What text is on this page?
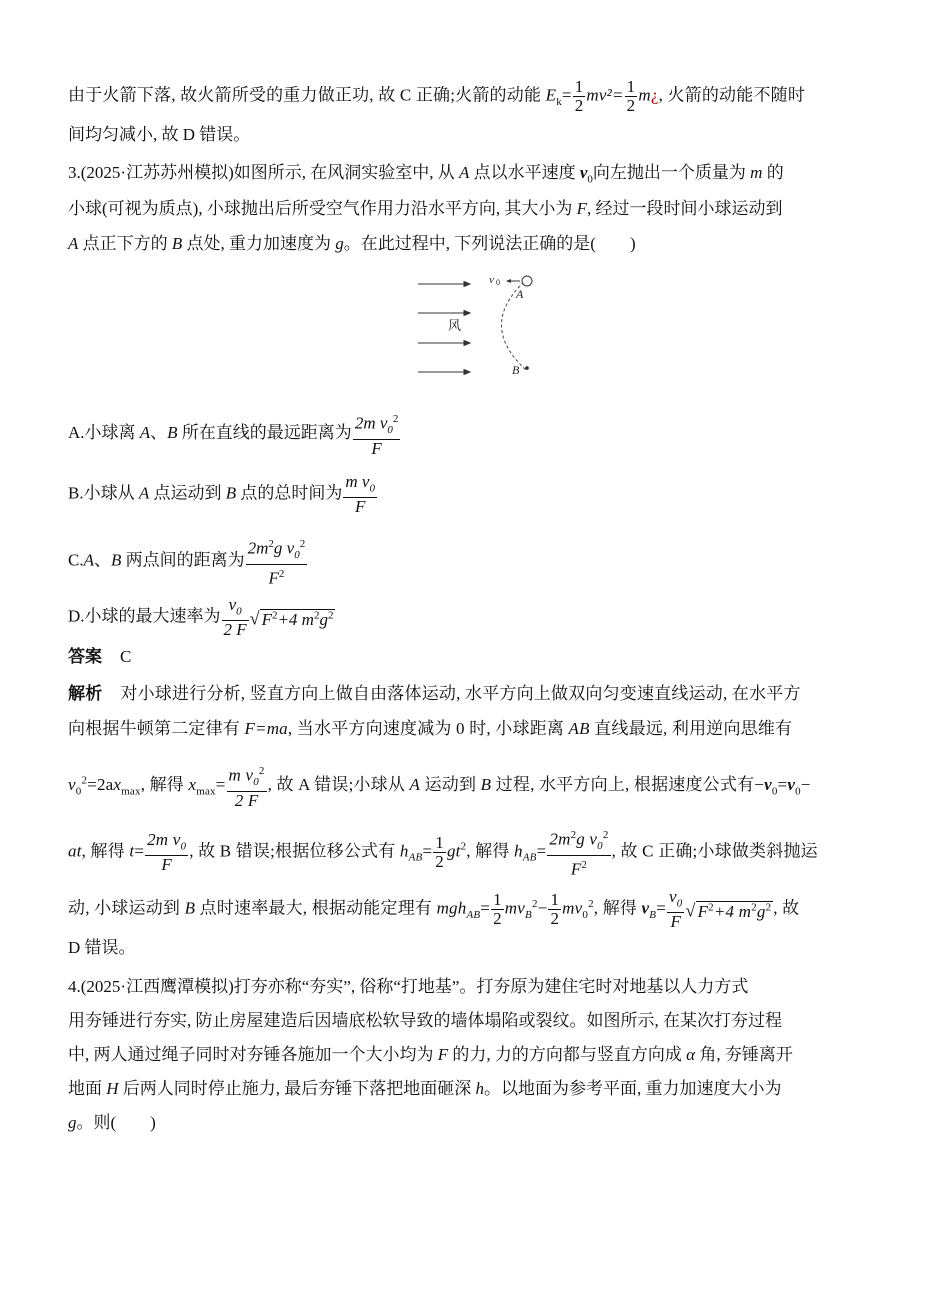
由于火箭下落, 故火箭所受的重力做正功, 故 C 正确;火箭的动能 $E_k= \frac{1}{2} mv^2= \frac{1}{2}$ m¿, 火箭的动能不随时
间均匀减小, 故 D 错误。
3.(2025·江苏苏州模拟)如图所示, 在风洞实验室中, 从 A 点以水平速度 $v_0$向左抛出一个质量为 m 的
小球(可视为质点), 小球抛出后所受空气作用力沿水平方向, 其大小为 F, 经过一段时间小球运动到
A 点正下方的 B 点处, 重力加速度为 g。在此过程中, 下列说法正确的是(　　)
风
v 0
A
B
A.小球离 A、B 所在直线的最远距离为 $\frac{2m v_0^2}{F}$
B.小球从 A 点运动到 B 点的总时间为 $\frac{m v_0}{F}$
C.A、B 两点间的距离为 $\frac{2m^2g v_0^2}{F^2}$
D.小球的最大速率为 $\frac{v_0}{2 F}$ √ $F^2+4$ $m^2g^2$
答案 C
解析 对小球进行分析, 竖直方向上做自由落体运动, 水平方向上做双向匀变速直线运动, 在水平方
向根据牛顿第二定律有 F=ma, 当水平方向速度减为 0 时, 小球距离 AB 直线最远, 利用逆向思维有
$v_0^2=2ax_{max}$, 解得 $x_{max}= \frac{m v_0^2}{2 F}$ , 故 A 错误;小球从 A 运动到 B 过程, 水平方向上, 根据速度公式有$-v_0=v_0-$
at, 解得 $t= \frac{2m v_0}{F}$ , 故 B 错误;根据位移公式有 $h_{AB}= \frac{1}{2} gt^2$, 解得 $h_{AB}= \frac{2m^2g v_0^2}{F^2}$ , 故 C 正确;小球做类斜抛运
动, 小球运动到 B 点时速率最大, 根据动能定理有 $mgh_{AB}= \frac{1}{2} mv_B^2- \frac{1}{2} mv_0^2$, 解得 $v_B= \frac{v_0}{F}$ √ $F^2+4$ $m^2g^2$ , 故
D 错误。
4.(2025·江西鹰潭模拟)打夯亦称“夯实”, 俗称“打地基”。打夯原为建住宅时对地基以人力方式
用夯锤进行夯实, 防止房屋建造后因墙底松软导致的墙体塌陷或裂纹。如图所示, 在某次打夯过程
中, 两人通过绳子同时对夯锤各施加一个大小均为 F 的力, 力的方向都与竖直方向成 α 角, 夯锤离开
地面 H 后两人同时停止施力, 最后夯锤下落把地面砸深 h。以地面为参考平面, 重力加速度大小为
g。则(　　)
